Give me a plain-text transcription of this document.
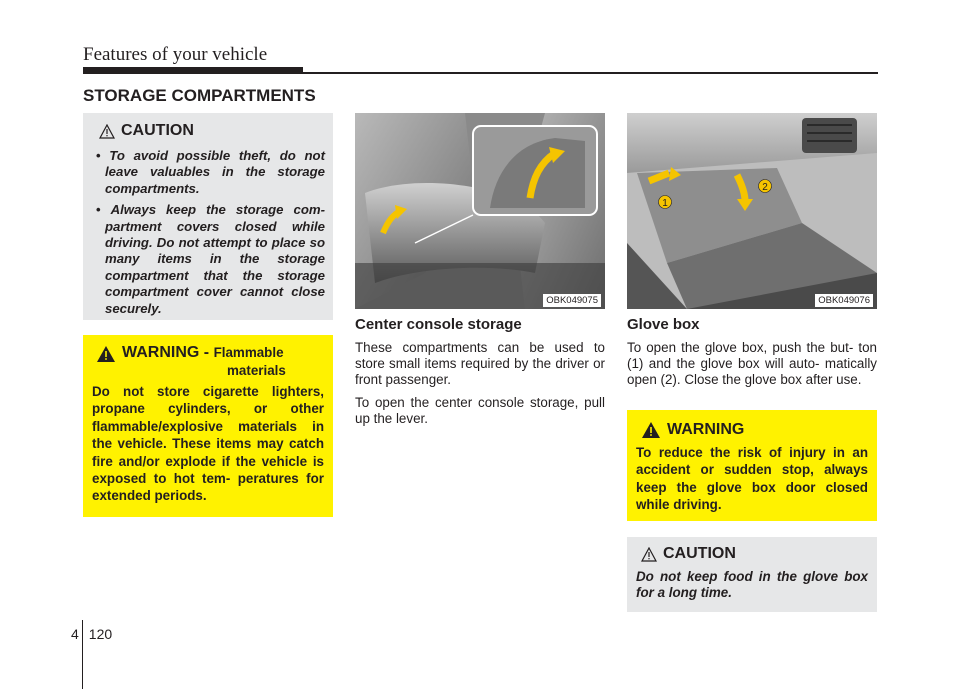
Features of your vehicle
STORAGE COMPARTMENTS
CAUTION
• To avoid possible theft, do not leave valuables in the storage compartments.
• Always keep the storage com- partment covers closed while driving. Do not attempt to place so many items in the storage compartment that the storage compartment cover cannot close securely.
WARNING - Flammable
materials
Do not store cigarette lighters, propane cylinders, or other flammable/explosive materials in the vehicle. These items may catch fire and/or explode if the vehicle is exposed to hot tem- peratures for extended periods.
OBK049075
Center console storage

These compartments can be used to store small items required by the driver or front passenger.

To open the center console storage, pull up the lever.

1
2
OBK049076
Glove box

To open the glove box, push the but- ton (1) and the glove box will auto- matically open (2). Close the glove box after use.

WARNING
To reduce the risk of injury in an accident or sudden stop, always keep the glove box door closed while driving.
CAUTION
Do not keep food in the glove box for a long time.
4 120
